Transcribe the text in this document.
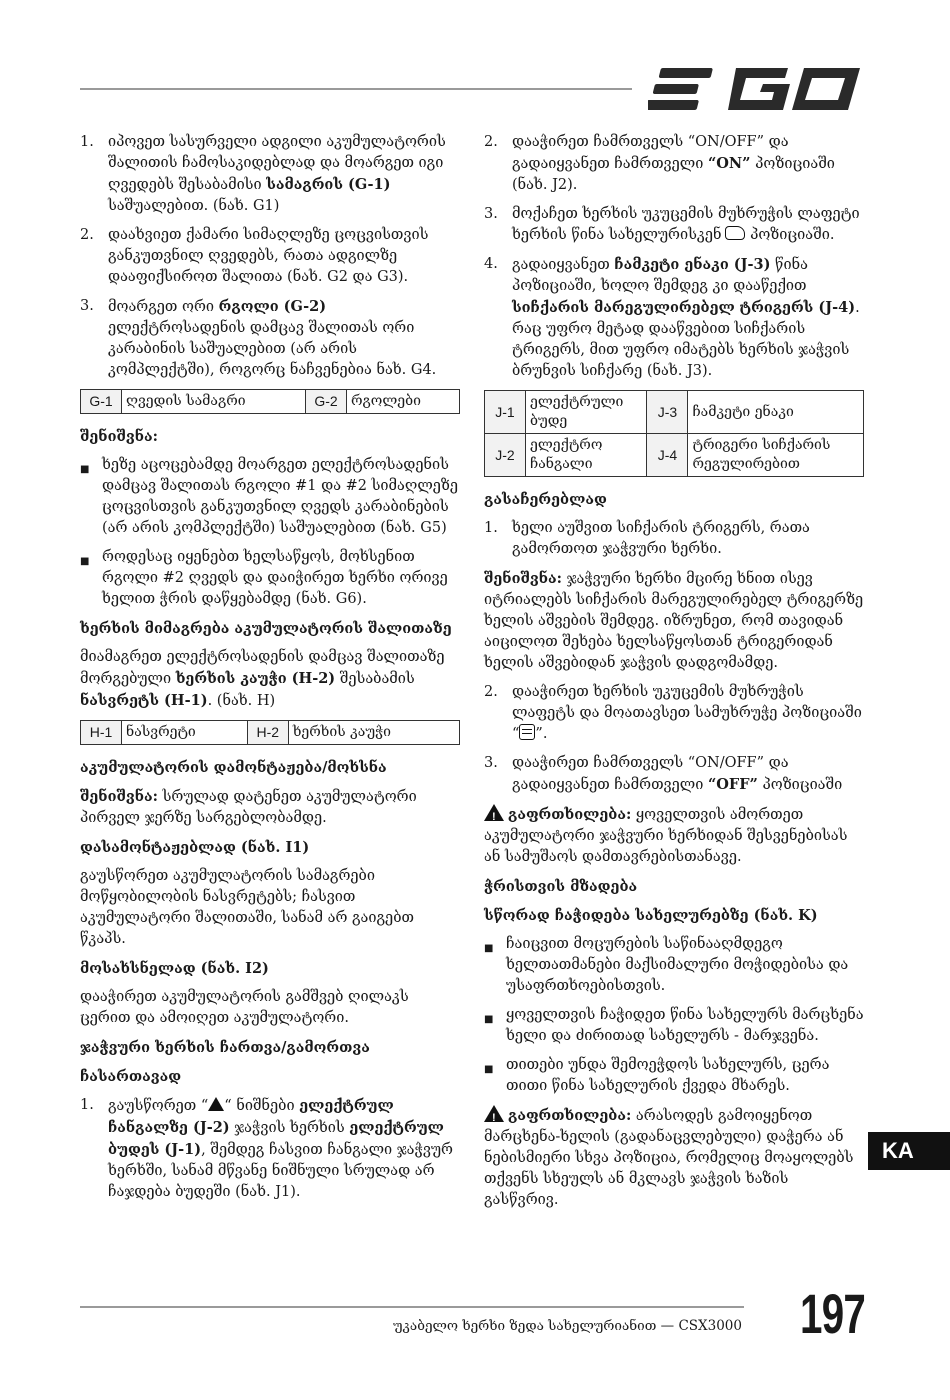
1. იპოვეთ სასურველი ადგილი აკუმულატორის შალითის ჩამოსაკიდებლად და მოარგეთ იგი ღვედებს შესაბამისი სამაგრის (G-1) საშუალებით. (ნახ. G1)
2. დაახვიეთ ქამარი სიმაღლეზე ცოცვისთვის განკუთვნილ ღვედებს, რათა ადგილზე დააფიქსიროთ შალითა (ნახ. G2 და G3).
3. მოარგეთ ორი რგოლი (G-2) ელექტროსადენის დამცავ შალითას ორი კარაბინის საშუალებით (არ არის კომპლექტში), როგორც ნაჩვენებია ნახ. G4.
G-1	ღვედის სამაგრი	G-2	რგოლები
შენიშვნა:
■ ხეზე აცოცებამდე მოარგეთ ელექტროსადენის დამცავ შალითას რგოლი #1 და #2 სიმაღლეზე ცოცვისთვის განკუთვნილ ღვედს კარაბინების (არ არის კომპლექტში) საშუალებით (ნახ. G5)
■ როდესაც იყენებთ ხელსაწყოს, მოხსენით რგოლი #2 ღვედს და დაიჭირეთ ხერხი ორივე ხელით ჭრის დაწყებამდე (ნახ. G6).
ხერხის მიმაგრება აკუმულატორის შალითაზე

მიამაგრეთ ელექტროსადენის დამცავ შალითაზე მორგებული ხერხის კაუჭი (H-2) შესაბამის ნასვრეტს (H-1). (ნახ. H)

H-1	ნასვრეტი	H-2	ხერხის კაუჭი
აკუმულატორის დამონტაჟება/მოხსნა

შენიშვნა: სრულად დატენეთ აკუმულატორი პირველ ჯერზე სარგებლობამდე.

დასამონტაჟებლად (ნახ. I1)

გაუსწორეთ აკუმულატორის სამაგრები მოწყობილობის ნასვრეტებს; ჩასვით აკუმულატორი შალითაში, სანამ არ გაიგებთ წკაპს.

მოსახსნელად (ნახ. I2)

დააჭირეთ აკუმულატორის გამშვებ ღილაკს ცერით და ამოიღეთ აკუმულატორი.

ჯაჭვური ხერხის ჩართვა/გამორთვა
ჩასართავად
1. გაუსწორეთ “ “ ნიშნები ელექტრულ ჩანგალზე (J-2) ჯაჭვის ხერხის ელექტრულ ბუდეს (J-1), შემდეგ ჩასვით ჩანგალი ჯაჭვურ ხერხში, სანამ მწვანე ნიშნული სრულად არ ჩაჯდება ბუდეში (ნახ. J1).
2. დააჭირეთ ჩამრთველს “ON/OFF” და გადაიყვანეთ ჩამრთველი “ON” პოზიციაში (ნახ. J2).
3. მოქაჩეთ ხერხის უკუცემის მუხრუჭის ლაფეტი ხერხის წინა სახელურისკენ პოზიციაში.
4. გადაიყვანეთ ჩამკეტი ენაკი (J-3) წინა პოზიციაში, ხოლო შემდეგ კი დააწექით სიჩქარის მარეგულირებელ ტრიგერს (J-4). რაც უფრო მეტად დააწვებით სიჩქარის ტრიგერს, მით უფრო იმატებს ხერხის ჯაჭვის ბრუნვის სიჩქარე (ნახ. J3).
J-1	ელექტრული ბუდე	J-3	ჩამკეტი ენაკი
J-2	ელექტრო ჩანგალი	J-4	ტრიგერი სიჩქარის რეგულირებით
გასაჩერებლად
1. ხელი აუშვით სიჩქარის ტრიგერს, რათა გამორთოთ ჯაჭვური ხერხი.

შენიშვნა: ჯაჭვური ხერხი მცირე ხნით ისევ იტრიალებს სიჩქარის მარეგულირებელ ტრიგერზე ხელის აშვების შემდეგ. იზრუნეთ, რომ თავიდან აიცილოთ შეხება ხელსაწყოსთან ტრიგერიდან ხელის აშვებიდან ჯაჭვის დადგომამდე.

2. დააჭირეთ ხერხის უკუცემის მუხრუჭის ლაფეტს და მოათავსეთ სამუხრუჭე პოზიციაში “ ”.
3. დააჭირეთ ჩამრთველს “ON/OFF” და გადაიყვანეთ ჩამრთველი “OFF” პოზიციაში

!გაფრთხილება: ყოველთვის ამორთეთ აკუმულატორი ჯაჭვური ხერხიდან შესვენებისას ან სამუშაოს დამთავრებისთანავე.

ჭრისთვის მზადება
სწორად ჩაჭიდება სახელურებზე (ნახ. K)
■ ჩაიცვით მოცურების საწინააღმდეგო ხელთათმანები მაქსიმალური მოჭიდებისა და უსაფრთხოებისთვის.
■ ყოველთვის ჩაჭიდეთ წინა სახელურს მარცხენა ხელი და ძირითად სახელურს - მარჯვენა.
■ თითები უნდა შემოეჭდოს სახელურს, ცერა თითი წინა სახელურის ქვედა მხარეს.

!გაფრთხილება: არასოდეს გამოიყენოთ მარცხენა-ხელის (გადანაცვლებული) დაჭერა ან ნებისმიერი სხვა პოზიცია, რომელიც მოაყოლებს თქვენს სხეულს ან მკლავს ჯაჭვის ხაზის გასწვრივ.

KA
უკაბელო ხერხი ზედა სახელურიანით — CSX3000 197
